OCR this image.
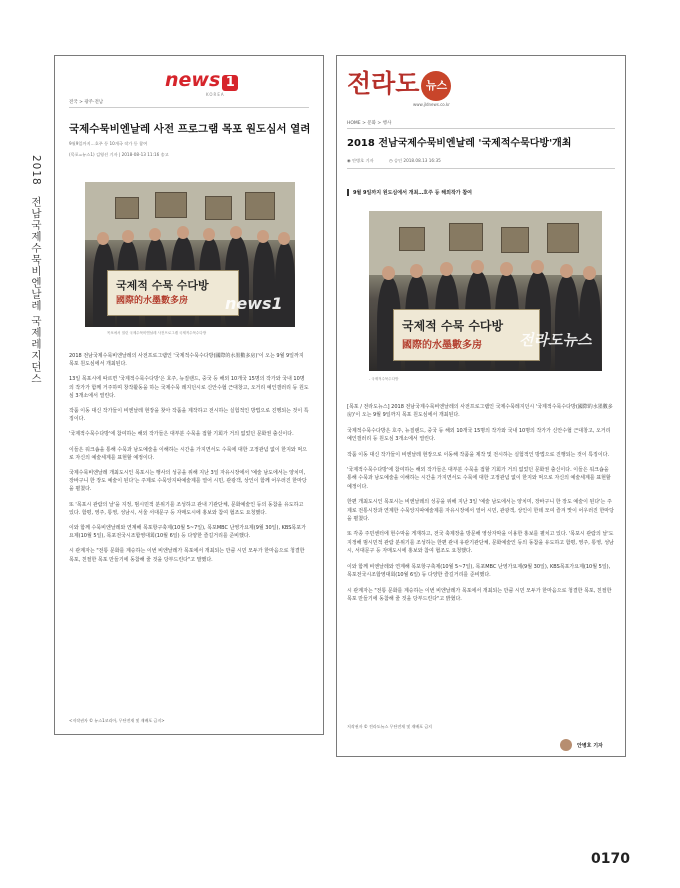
2018 전남국제수묵비엔날레 국제레지던스
news 1
KOREA
전국 > 광주·전남
국제수묵비엔날레 사전 프로그램 목포 원도심서 열려
9월9일까지…호주 등 10개국 작가 등 참여
(목포=뉴스1) 김영선 기자 | 2018-08-13 11:16 송고
국제적 수묵 수다방
國際的水墨數多房 news1
목포에서 열린 국제수묵비엔날레 사전프로그램 국제적수묵수다방

2018 전남국제수묵비엔날레의 사전프로그램인 '국제적수묵수다방(國際的水墨數多房)'이 오는 9월 9일까지 목포 원도심에서 개최된다.

13일 목포시에 따르면 '국제적수묵수다방'은 호주, 뉴질랜드, 중국 등 해외 10개국 15명의 작가와 국내 10명의 작가가 함께 거주하며 창작활동을 하는 국제수묵 레지던시로 신안수협 근대창고, 오거리 예인갤러리 등 원도심 3개소에서 열린다.

작품 이동 대신 작가들이 비엔날레 현장을 찾아 작품을 제작하고 전시하는 실험적인 방법으로 진행되는 것이 특징이다.

'국제적수묵수다방'에 참여하는 해외 작가들은 대부분 수묵을 접할 기회가 거의 없었던 문화권 출신이다.

이들은 워크숍을 통해 수묵과 남도예술을 이해하는 시간을 가지면서도 수묵에 대한 고정관념 없이 한지와 먹으로 자신의 예술세계를 표현할 예정이다.

국제수묵비엔날레 개최도시인 목포시는 행사의 성공을 위해 지난 3일 자유시장에서 '예술 남도에서는 양치미, 장바구니 한 장도 예술이 된다'는 주제로 수묵앙지따예술제를 열어 시민, 관광객, 상인이 함께 어우러진 한마당을 펼쳤다.

또 '목포시 관람의 날'을 지정, 범시민적 분위기를 조성하고 관내 기관단체, 문화예술인 등의 동참을 유도하고 있다. 함평, 영주, 통영, 성남시, 서울 서대문구 등 자매도시에 홍보와 참여 협조도 요청했다.

이와 함께 수묵비엔날레와 연계해 목포항구축제(10월 5~7일), 목포MBC 난영가요제(9월 30일), KBS목포가요제(10월 5일), 목포전국시조합영대회(10월 6일) 등 다양한 즐길거리를 준비했다.

시 관계자는 "전통 문화를 계승하는 이번 비엔날레가 목포에서 개최되는 만큼 시민 모두가 한마음으로 청결한 목포, 친절한 목포 만들기에 동참해 줄 것을 당부드린다"고 말했다.

<저작권자 © 뉴스1코리아, 무단전재 및 재배포 금지>
전라도 뉴스
www.jldnews.co.kr
HOME > 문화 > 행사
2018 전남국제수묵비엔날레 '국제적수묵다방'개최
◉ 안병호 기자	◷ 승인 2018.08.13 16:35
9월 9일까지 원도심에서 개최…호주 등 해외작가 참여
국제적 수묵 수다방
國際的水墨數多房 전라도뉴스
- 국제적수묵수다방

[목포 / 전라도뉴스] 2018 전남국제수묵비엔날레의 사전프로그램인 국제수묵레지던시 '국제적수묵수다방(國際的水墨數多房)'이 오는 9월 9일까지 목포 원도심에서 개최된다.

국제적수묵수다방은 호주, 뉴질랜드, 중국 등 해외 10개국 15명의 작가와 국내 10명의 작가가 신안수협 근대창고, 오거리 예인갤러리 등 원도심 3개소에서 열린다.

작품 이동 대신 작가들이 비엔날레 현장으로 이동해 작품을 제작 및 전시하는 실험적인 방법으로 진행되는 것이 특징이다.

'국제적수묵수다방'에 참여하는 해외 작가들은 대부분 수묵을 접할 기회가 거의 없었던 문화권 출신이다. 이들은 워크숍을 통해 수묵과 남도예술을 이해하는 시간을 가지면서도 수묵에 대한 고정관념 없이 한지와 먹으로 자신의 예술세계를 표현할 예정이다.

한편 개최도시인 목포시는 비엔날레의 성공을 위해 지난 3일 '예술 남도에서는 양치미, 장바구니 한 장도 예술이 된다'는 주제로 전통시장과 연계한 수묵앙지따예술제를 자유시장에서 열어 시민, 관광객, 상인이 한데 모여 즐겨 맛이 어우러진 한마당을 펼쳤다.

또 각종 주민센터에 현수막을 게재하고, 전국 축제장을 방문해 영상자막을 이용한 홍보를 펼치고 있다. '목포시 관람의 날'도 지정해 범시민적 관람 분위기를 조성하는 한편 관내 유관기관단체, 문화예술인 등의 동참을 유도하고 함평, 영주, 통영, 성남시, 서대문구 등 자매도시에 홍보와 참여 협조도 요청했다.

이와 함께 비엔날레와 연계해 목포항구축제(10월 5~7일), 목포MBC 난영가요제(9월 30일), KBS목포가요제(10월 5일), 목포전국시조합영대회(10월 6일) 등 다양한 즐길거리를 준비했다.

시 관계자는 "전통 문화를 계승하는 이번 비엔날레가 목포에서 개최되는 만큼 시민 모두가 한마음으로 청결한 목포, 친절한 목포 만들기에 동참해 줄 것을 당부드린다"고 밝혔다.

저작권자 © 전라도뉴스 무단전재 및 재배포 금지
안병호 기자
0170
